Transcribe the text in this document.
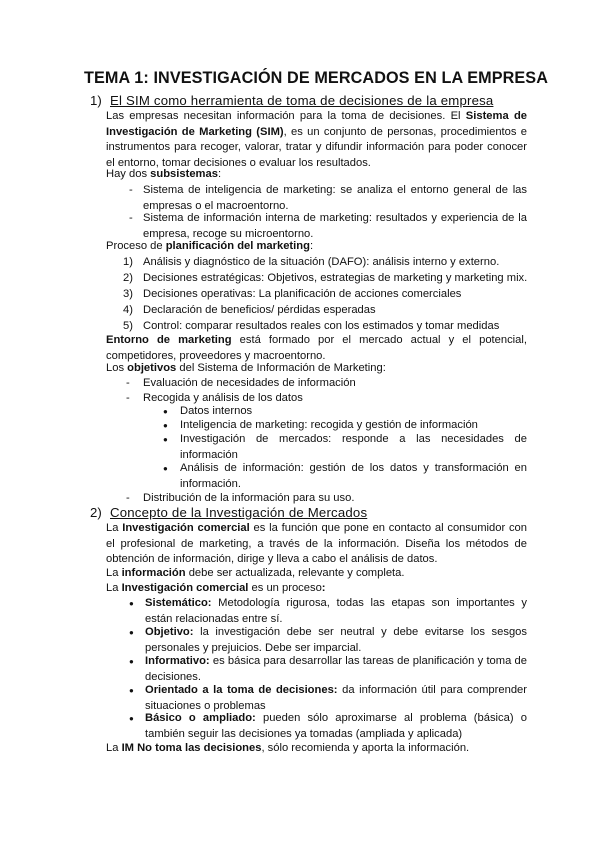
TEMA 1: INVESTIGACIÓN DE MERCADOS EN LA EMPRESA
1) El SIM como herramienta de toma de decisiones de la empresa
Las empresas necesitan información para la toma de decisiones. El Sistema de Investigación de Marketing (SIM), es un conjunto de personas, procedimientos e instrumentos para recoger, valorar, tratar y difundir información para poder conocer el entorno, tomar decisiones o evaluar los resultados.
Hay dos subsistemas:
- Sistema de inteligencia de marketing: se analiza el entorno general de las empresas o el macroentorno.
- Sistema de información interna de marketing: resultados y experiencia de la empresa, recoge su microentorno.
Proceso de planificación del marketing:
1) Análisis y diagnóstico de la situación (DAFO): análisis interno y externo.
2) Decisiones estratégicas: Objetivos, estrategias de marketing y marketing mix.
3) Decisiones operativas: La planificación de acciones comerciales
4) Declaración de beneficios/ pérdidas esperadas
5) Control: comparar resultados reales con los estimados y tomar medidas
Entorno de marketing está formado por el mercado actual y el potencial, competidores, proveedores y macroentorno.
Los objetivos del Sistema de Información de Marketing:
- Evaluación de necesidades de información
- Recogida y análisis de los datos
● Datos internos
● Inteligencia de marketing: recogida y gestión de información
● Investigación de mercados: responde a las necesidades de información
● Análisis de información: gestión de los datos y transformación en información.
- Distribución de la información para su uso.
2) Concepto de la Investigación de Mercados
La Investigación comercial es la función que pone en contacto al consumidor con el profesional de marketing, a través de la información. Diseña los métodos de obtención de información, dirige y lleva a cabo el análisis de datos.
La información debe ser actualizada, relevante y completa.
La Investigación comercial es un proceso:
● Sistemático: Metodología rigurosa, todas las etapas son importantes y están relacionadas entre sí.
● Objetivo: la investigación debe ser neutral y debe evitarse los sesgos personales y prejuicios. Debe ser imparcial.
● Informativo: es básica para desarrollar las tareas de planificación y toma de decisiones.
● Orientado a la toma de decisiones: da información útil para comprender situaciones o problemas
● Básico o ampliado: pueden sólo aproximarse al problema (básica) o también seguir las decisiones ya tomadas (ampliada y aplicada)
La IM No toma las decisiones, sólo recomienda y aporta la información.
